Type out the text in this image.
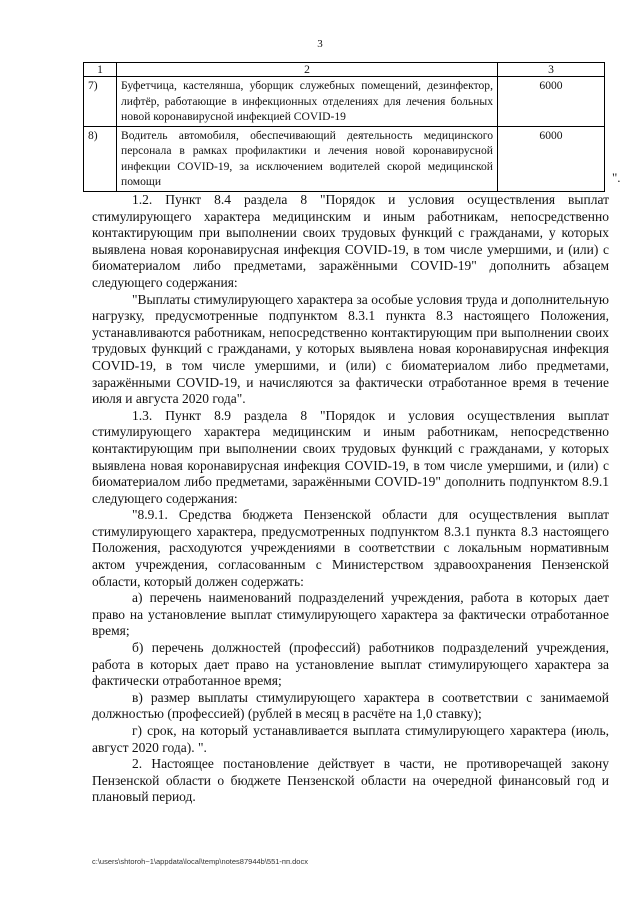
3
1	2	3
7)	Буфетчица, кастелянша, уборщик служебных помещений, дезинфектор, лифтёр, работающие в инфекционных отделениях для лечения больных новой коронавирусной инфекцией COVID-19	6000
8)	Водитель автомобиля, обеспечивающий деятельность медицинского персонала в рамках профилактики и лечения новой коронавирусной инфекции COVID-19, за исключением водителей скорой медицинской помощи	6000
".

1.2. Пункт 8.4 раздела 8 "Порядок и условия осуществления выплат стимулирующего характера медицинским и иным работникам, непосредственно контактирующим при выполнении своих трудовых функций с гражданами, у которых выявлена новая коронавирусная инфекция COVID-19, в том числе умершими, и (или) с биоматериалом либо предметами, заражёнными COVID-19" дополнить абзацем следующего содержания:

"Выплаты стимулирующего характера за особые условия труда и дополнительную нагрузку, предусмотренные подпунктом 8.3.1 пункта 8.3 настоящего Положения, устанавливаются работникам, непосредственно контактирующим при выполнении своих трудовых функций с гражданами, у которых выявлена новая коронавирусная инфекция COVID-19, в том числе умершими, и (или) с биоматериалом либо предметами, заражёнными COVID-19, и начисляются за фактически отработанное время в течение июля и августа 2020 года".

1.3. Пункт 8.9 раздела 8 "Порядок и условия осуществления выплат стимулирующего характера медицинским и иным работникам, непосредственно контактирующим при выполнении своих трудовых функций с гражданами, у которых выявлена новая коронавирусная инфекция COVID-19, в том числе умершими, и (или) с биоматериалом либо предметами, заражёнными COVID-19" дополнить подпунктом 8.9.1 следующего содержания:

"8.9.1. Средства бюджета Пензенской области для осуществления выплат стимулирующего характера, предусмотренных подпунктом 8.3.1 пункта 8.3 настоящего Положения, расходуются учреждениями в соответствии с локальным нормативным актом учреждения, согласованным с Министерством здравоохранения Пензенской области, который должен содержать:

а) перечень наименований подразделений учреждения, работа в которых дает право на установление выплат стимулирующего характера за фактически отработанное время;

б) перечень должностей (профессий) работников подразделений учреждения, работа в которых дает право на установление выплат стимулирующего характера за фактически отработанное время;

в) размер выплаты стимулирующего характера в соответствии с занимаемой должностью (профессией) (рублей в месяц в расчёте на 1,0 ставку);

г) срок, на который устанавливается выплата стимулирующего характера (июль, август 2020 года). ".

2. Настоящее постановление действует в части, не противоречащей закону Пензенской области о бюджете Пензенской области на очередной финансовый год и плановый период.

c:\users\shtoroh~1\appdata\local\temp\notes87944b\551-пп.docx
